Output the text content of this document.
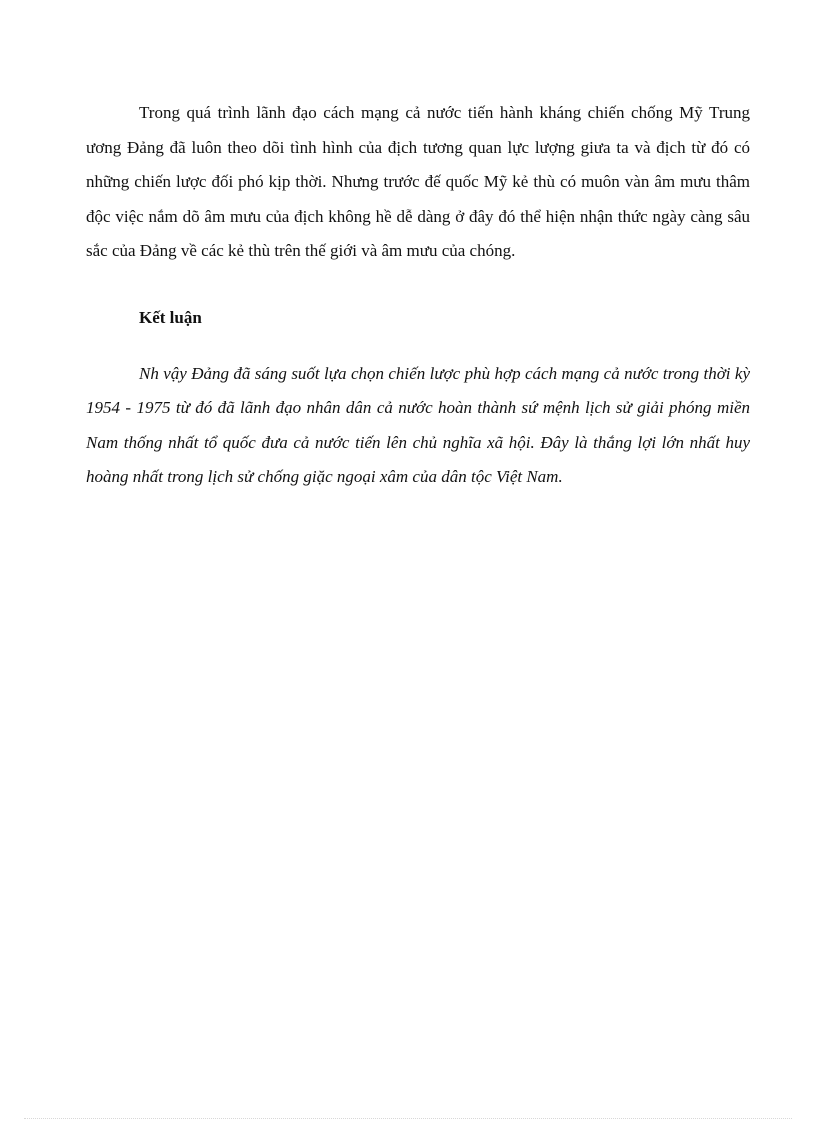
Trong quá trình lãnh đạo cách mạng cả nước tiến hành kháng chiến chống Mỹ Trung ương Đảng đã luôn theo dõi tình hình của địch tương quan lực lượng giưa ta và địch từ đó có những chiến lược đối phó kịp thời. Nhưng trước đế quốc Mỹ kẻ thù có muôn vàn âm mưu thâm độc việc nắm dõ âm mưu của địch không hề dễ dàng ở đây đó thể hiện nhận thức ngày càng sâu sắc của Đảng về các kẻ thù trên thế giới và âm mưu của chóng.

Kết luận

Nh vậy Đảng đã sáng suốt lựa chọn chiến lược phù hợp cách mạng cả nước trong thời kỳ 1954 - 1975 từ đó đã lãnh đạo nhân dân cả nước hoàn thành sứ mệnh lịch sử giải phóng miền Nam thống nhất tổ quốc đưa cả nước tiến lên chủ nghĩa xã hội. Đây là thắng lợi lớn nhất huy hoàng nhất trong lịch sử chống giặc ngoại xâm của dân tộc Việt Nam.
